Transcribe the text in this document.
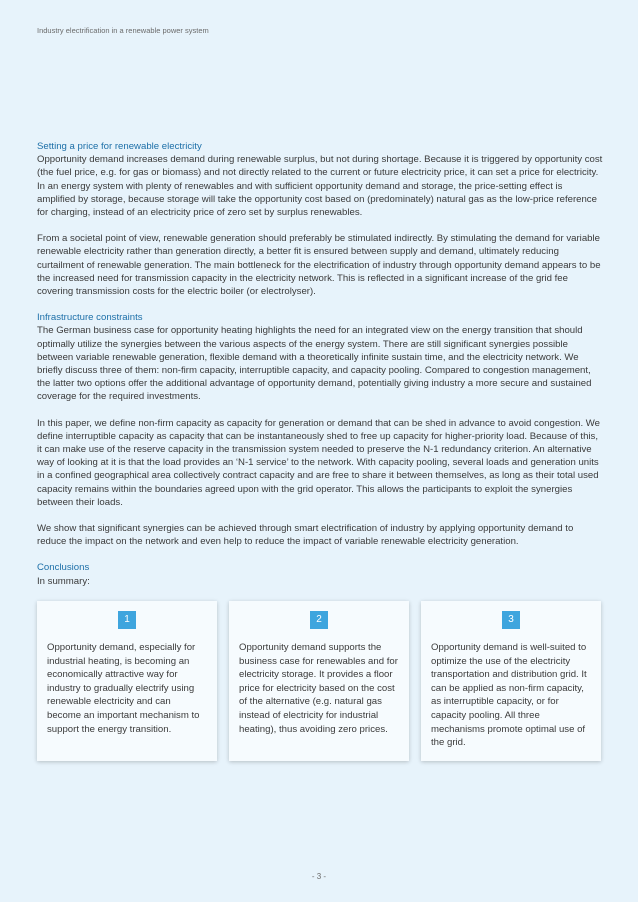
Industry electrification in a renewable power system
Setting a price for renewable electricity

Opportunity demand increases demand during renewable surplus, but not during shortage. Because it is triggered by opportunity cost (the fuel price, e.g. for gas or biomass) and not directly related to the current or future electricity price, it can set a price for electricity. In an energy system with plenty of renewables and with sufficient opportunity demand and storage, the price-setting effect is amplified by storage, because storage will take the opportunity cost based on (predominately) natural gas as the low-price reference for charging, instead of an electricity price of zero set by surplus renewables.

From a societal point of view, renewable generation should preferably be stimulated indirectly. By stimulating the demand for variable renewable electricity rather than generation directly, a better fit is ensured between supply and demand, ultimately reducing curtailment of renewable generation. The main bottleneck for the electrification of industry through opportunity demand appears to be the increased need for transmission capacity in the electricity network. This is reflected in a significant increase of the grid fee covering transmission costs for the electric boiler (or electrolyser).

Infrastructure constraints

The German business case for opportunity heating highlights the need for an integrated view on the energy transition that should optimally utilize the synergies between the various aspects of the energy system. There are still significant synergies possible between variable renewable generation, flexible demand with a theoretically infinite sustain time, and the electricity network. We briefly discuss three of them: non-firm capacity, interruptible capacity, and capacity pooling. Compared to congestion management, the latter two options offer the additional advantage of opportunity demand, potentially giving industry a more secure and sustained coverage for the required investments.

In this paper, we define non-firm capacity as capacity for generation or demand that can be shed in advance to avoid congestion. We define interruptible capacity as capacity that can be instantaneously shed to free up capacity for higher-priority load. Because of this, it can make use of the reserve capacity in the transmission system needed to preserve the N-1 redundancy criterion. An alternative way of looking at it is that the load provides an ‘N-1 service’ to the network. With capacity pooling, several loads and generation units in a confined geographical area collectively contract capacity and are free to share it between themselves, as long as their total used capacity remains within the boundaries agreed upon with the grid operator. This allows the participants to exploit the synergies between their loads.

We show that significant synergies can be achieved through smart electrification of industry by applying opportunity demand to reduce the impact on the network and even help to reduce the impact of variable renewable electricity generation.

Conclusions

In summary:

1
Opportunity demand, especially for industrial heating, is becoming an economically attractive way for industry to gradually electrify using renewable electricity and can become an important mechanism to support the energy transition.
2
Opportunity demand supports the business case for renewables and for electricity storage. It provides a floor price for electricity based on the cost of the alternative (e.g. natural gas instead of electricity for industrial heating), thus avoiding zero prices.
3
Opportunity demand is well-suited to optimize the use of the electricity transportation and distribution grid. It can be applied as non-firm capacity, as interruptible capacity, or for capacity pooling. All three mechanisms promote optimal use of the grid.
- 3 -
